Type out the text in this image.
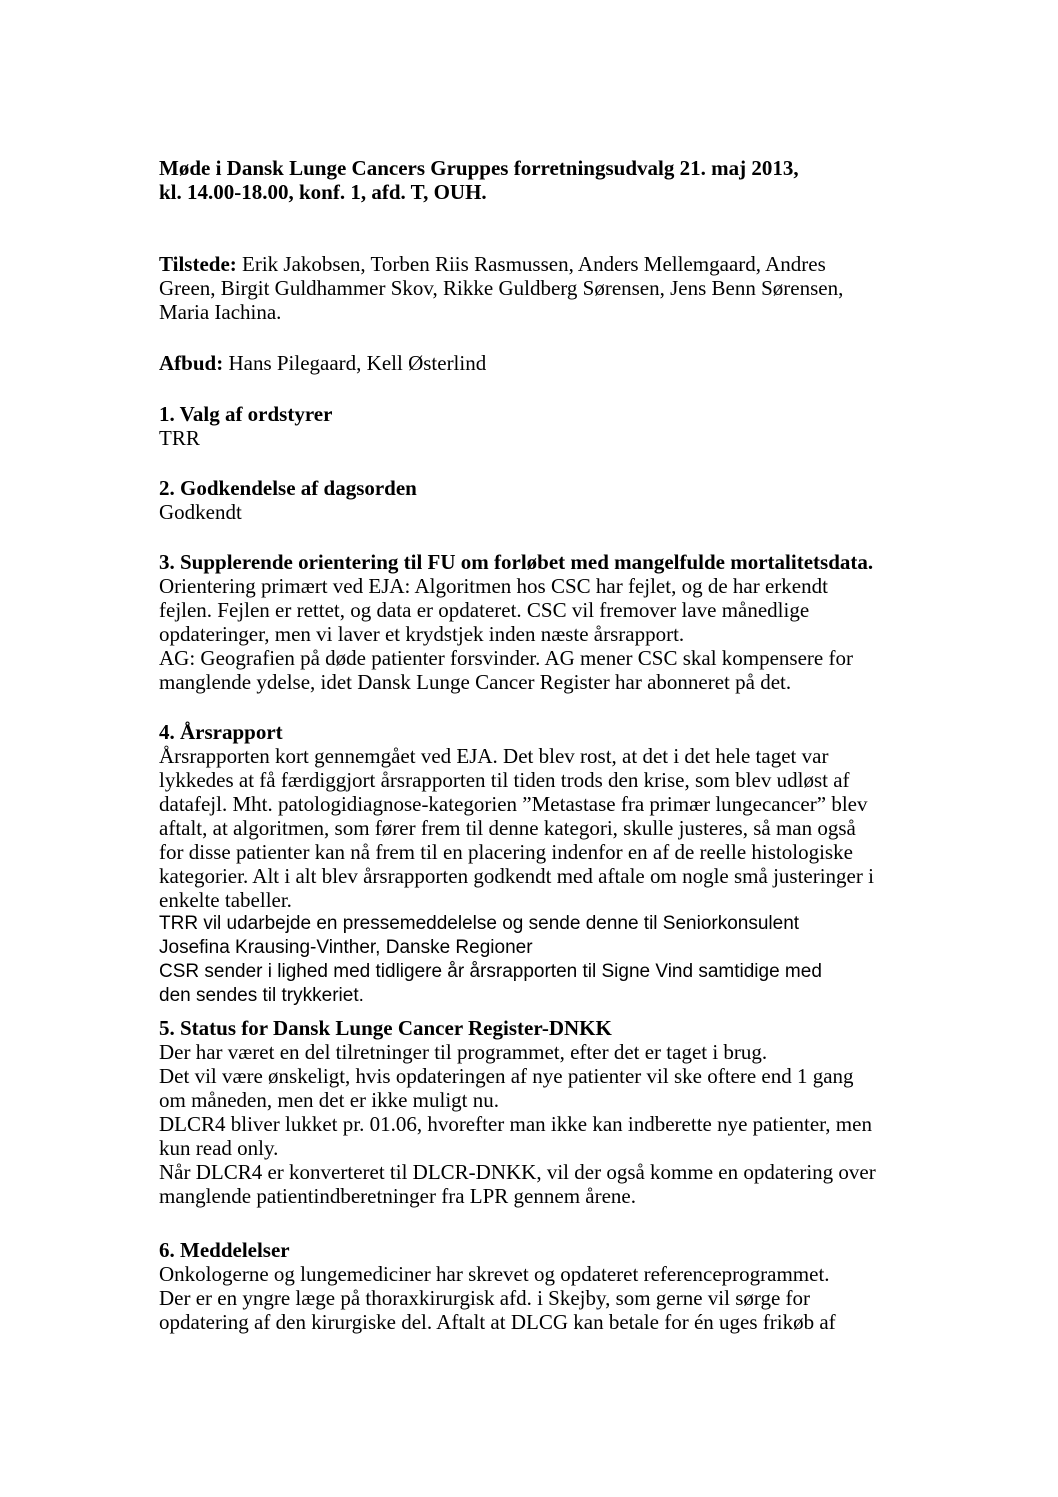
Møde i Dansk Lunge Cancers Gruppes forretningsudvalg 21. maj 2013,
kl. 14.00-18.00, konf. 1, afd. T, OUH.
Tilstede: Erik Jakobsen, Torben Riis Rasmussen, Anders Mellemgaard, Andres
Green, Birgit Guldhammer Skov, Rikke Guldberg Sørensen, Jens Benn Sørensen,
Maria Iachina.
Afbud: Hans Pilegaard, Kell Østerlind
1. Valg af ordstyrer
TRR
2. Godkendelse af dagsorden
Godkendt
3. Supplerende orientering til FU om forløbet med mangelfulde mortalitetsdata.
Orientering primært ved EJA: Algoritmen hos CSC har fejlet, og de har erkendt
fejlen. Fejlen er rettet, og data er opdateret. CSC vil fremover lave månedlige
opdateringer, men vi laver et krydstjek inden næste årsrapport.
AG: Geografien på døde patienter forsvinder. AG mener CSC skal kompensere for
manglende ydelse, idet Dansk Lunge Cancer Register har abonneret på det.
4. Årsrapport
Årsrapporten kort gennemgået ved EJA. Det blev rost, at det i det hele taget var
lykkedes at få færdiggjort årsrapporten til tiden trods den krise, som blev udløst af
datafejl. Mht. patologidiagnose-kategorien ”Metastase fra primær lungecancer” blev
aftalt, at algoritmen, som fører frem til denne kategori, skulle justeres, så man også
for disse patienter kan nå frem til en placering indenfor en af de reelle histologiske
kategorier. Alt i alt blev årsrapporten godkendt med aftale om nogle små justeringer i
enkelte tabeller.
TRR vil udarbejde en pressemeddelelse og sende denne til Seniorkonsulent
Josefina Krausing-Vinther, Danske Regioner
CSR sender i lighed med tidligere år årsrapporten til Signe Vind samtidige med
den sendes til trykkeriet.
5. Status for Dansk Lunge Cancer Register-DNKK
Der har været en del tilretninger til programmet, efter det er taget i brug.
Det vil være ønskeligt, hvis opdateringen af nye patienter vil ske oftere end 1 gang
om måneden, men det er ikke muligt nu.
DLCR4 bliver lukket pr. 01.06, hvorefter man ikke kan indberette nye patienter, men
kun read only.
Når DLCR4 er konverteret til DLCR-DNKK, vil der også komme en opdatering over
manglende patientindberetninger fra LPR gennem årene.
6. Meddelelser
Onkologerne og lungemediciner har skrevet og opdateret referenceprogrammet.
Der er en yngre læge på thoraxkirurgisk afd. i Skejby, som gerne vil sørge for
opdatering af den kirurgiske del. Aftalt at DLCG kan betale for én uges frikøb af
